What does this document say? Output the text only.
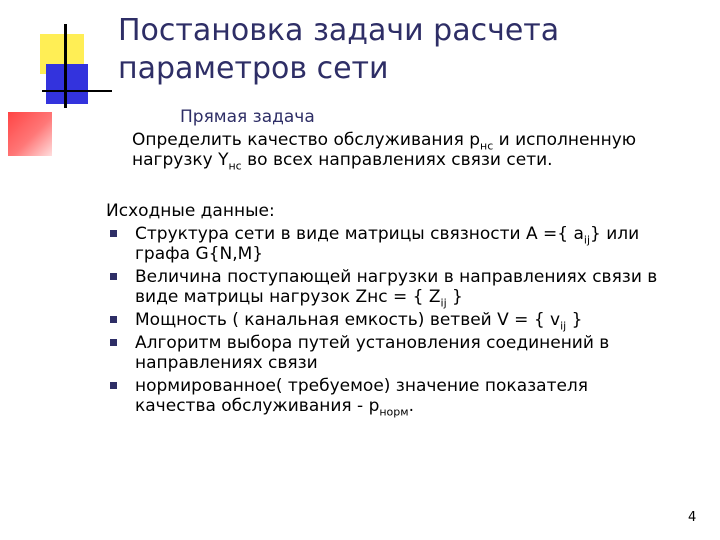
Постановка задачи расчета
параметров сети
Прямая задача

Определить качество обслуживания $p_{нс}$ и исполненную

нагрузку $Y_{нс}$ во всех направлениях связи сети.

Исходные данные:
Структура сети в виде матрицы связности A ={ $a_{ij}$} или
графа G{N,M}
Величина поступающей нагрузки в направлениях связи в
виде матрицы нагрузок Zнс = { $Z_{ij}$ }
Мощность ( канальная емкость) ветвей V = { $v_{ij}$ }
Алгоритм выбора путей установления соединений в
направлениях связи
нормированное( требуемое) значение показателя
качества обслуживания - $p_{норм}$.
4
